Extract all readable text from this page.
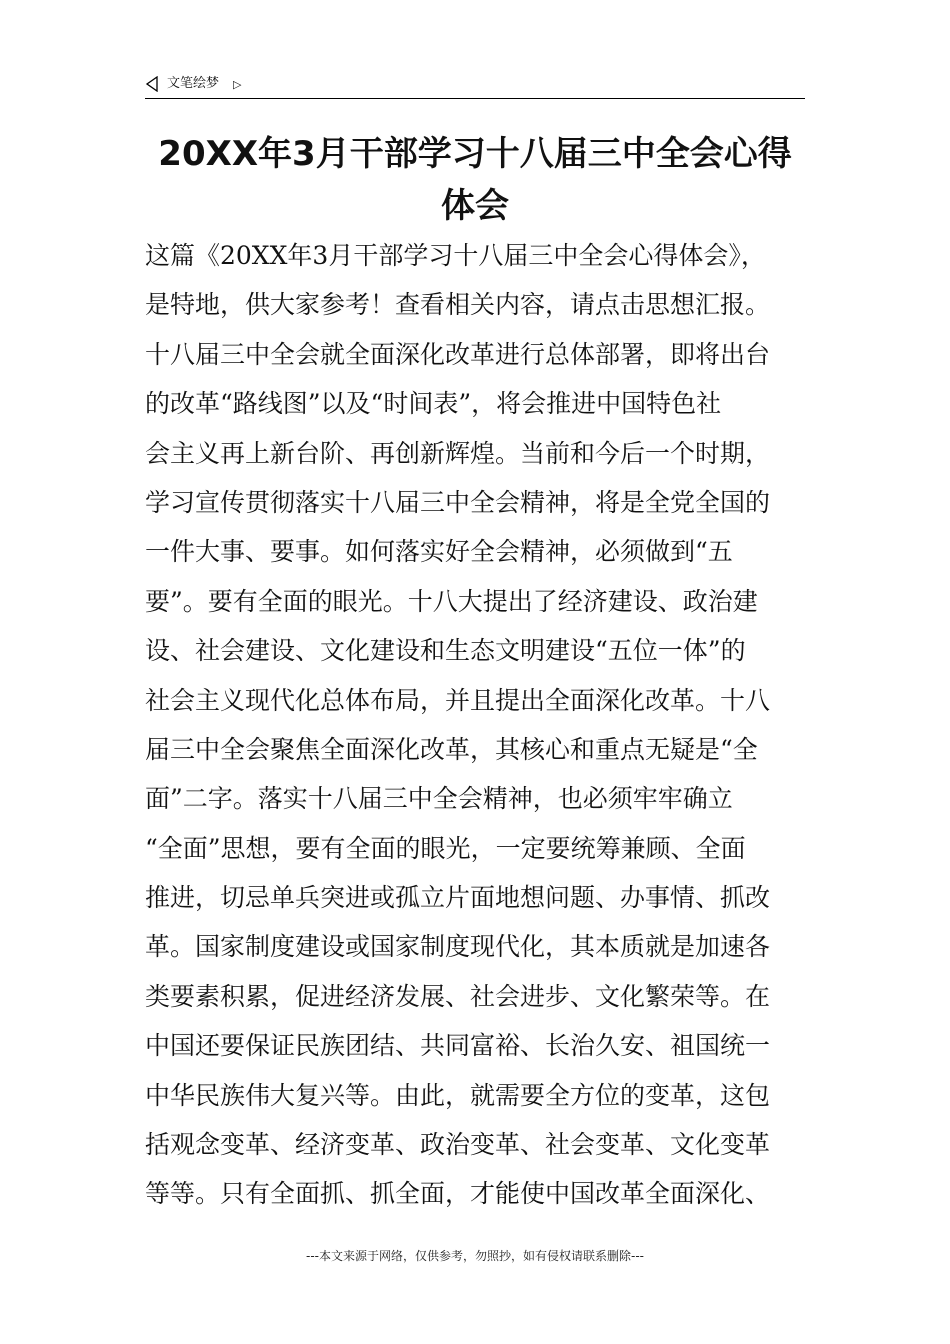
文笔绘梦 ▷
20XX年3月干部学习十八届三中全会心得
体会
这篇《20XX年3月干部学习十八届三中全会心得体会》，
是特地，供大家参考！查看相关内容，请点击思想汇报。
十八届三中全会就全面深化改革进行总体部署，即将出台
的改革“路线图”以及“时间表”，将会推进中国特色社
会主义再上新台阶、再创新辉煌。当前和今后一个时期，
学习宣传贯彻落实十八届三中全会精神，将是全党全国的
一件大事、要事。如何落实好全会精神，必须做到“五
要”。要有全面的眼光。十八大提出了经济建设、政治建
设、社会建设、文化建设和生态文明建设“五位一体”的
社会主义现代化总体布局，并且提出全面深化改革。十八
届三中全会聚焦全面深化改革，其核心和重点无疑是“全
面”二字。落实十八届三中全会精神，也必须牢牢确立
“全面”思想，要有全面的眼光，一定要统筹兼顾、全面
推进，切忌单兵突进或孤立片面地想问题、办事情、抓改
革。国家制度建设或国家制度现代化，其本质就是加速各
类要素积累，促进经济发展、社会进步、文化繁荣等。在
中国还要保证民族团结、共同富裕、长治久安、祖国统一
中华民族伟大复兴等。由此，就需要全方位的变革，这包
括观念变革、经济变革、政治变革、社会变革、文化变革
等等。只有全面抓、抓全面，才能使中国改革全面深化、
---本文来源于网络，仅供参考，勿照抄，如有侵权请联系删除---
